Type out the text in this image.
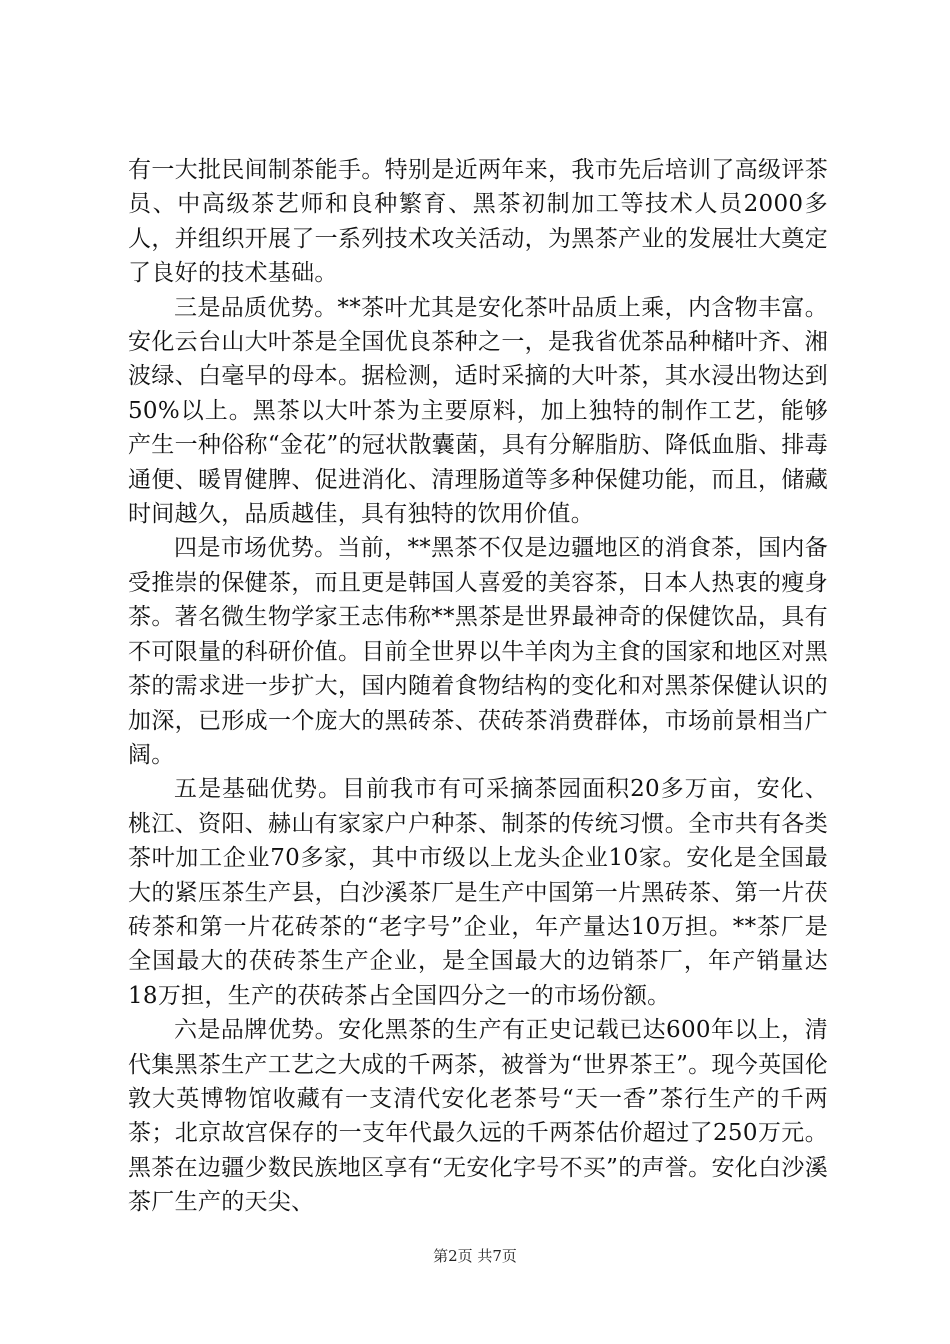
有一大批民间制茶能手。特别是近两年来，我市先后培训了高级评茶员、中高级茶艺师和良种繁育、黑茶初制加工等技术人员2000多人，并组织开展了一系列技术攻关活动，为黑茶产业的发展壮大奠定了良好的技术基础。

三是品质优势。**茶叶尤其是安化茶叶品质上乘，内含物丰富。安化云台山大叶茶是全国优良茶种之一，是我省优茶品种槠叶齐、湘波绿、白毫早的母本。据检测，适时采摘的大叶茶，其水浸出物达到50%以上。黑茶以大叶茶为主要原料，加上独特的制作工艺，能够产生一种俗称“金花”的冠状散囊菌，具有分解脂肪、降低血脂、排毒通便、暖胃健脾、促进消化、清理肠道等多种保健功能，而且，储藏时间越久，品质越佳，具有独特的饮用价值。

四是市场优势。当前，**黑茶不仅是边疆地区的消食茶，国内备受推崇的保健茶，而且更是韩国人喜爱的美容茶，日本人热衷的瘦身茶。著名微生物学家王志伟称**黑茶是世界最神奇的保健饮品，具有不可限量的科研价值。目前全世界以牛羊肉为主食的国家和地区对黑茶的需求进一步扩大，国内随着食物结构的变化和对黑茶保健认识的加深，已形成一个庞大的黑砖茶、茯砖茶消费群体，市场前景相当广阔。

五是基础优势。目前我市有可采摘茶园面积20多万亩，安化、桃江、资阳、赫山有家家户户种茶、制茶的传统习惯。全市共有各类茶叶加工企业70多家，其中市级以上龙头企业10家。安化是全国最大的紧压茶生产县，白沙溪茶厂是生产中国第一片黑砖茶、第一片茯砖茶和第一片花砖茶的“老字号”企业，年产量达10万担。**茶厂是全国最大的茯砖茶生产企业，是全国最大的边销茶厂，年产销量达18万担，生产的茯砖茶占全国四分之一的市场份额。

六是品牌优势。安化黑茶的生产有正史记载已达600年以上，清代集黑茶生产工艺之大成的千两茶，被誉为“世界茶王”。现今英国伦敦大英博物馆收藏有一支清代安化老茶号“天一香”茶行生产的千两茶；北京故宫保存的一支年代最久远的千两茶估价超过了250万元。黑茶在边疆少数民族地区享有“无安化字号不买”的声誉。安化白沙溪茶厂生产的天尖、

第2页 共7页
